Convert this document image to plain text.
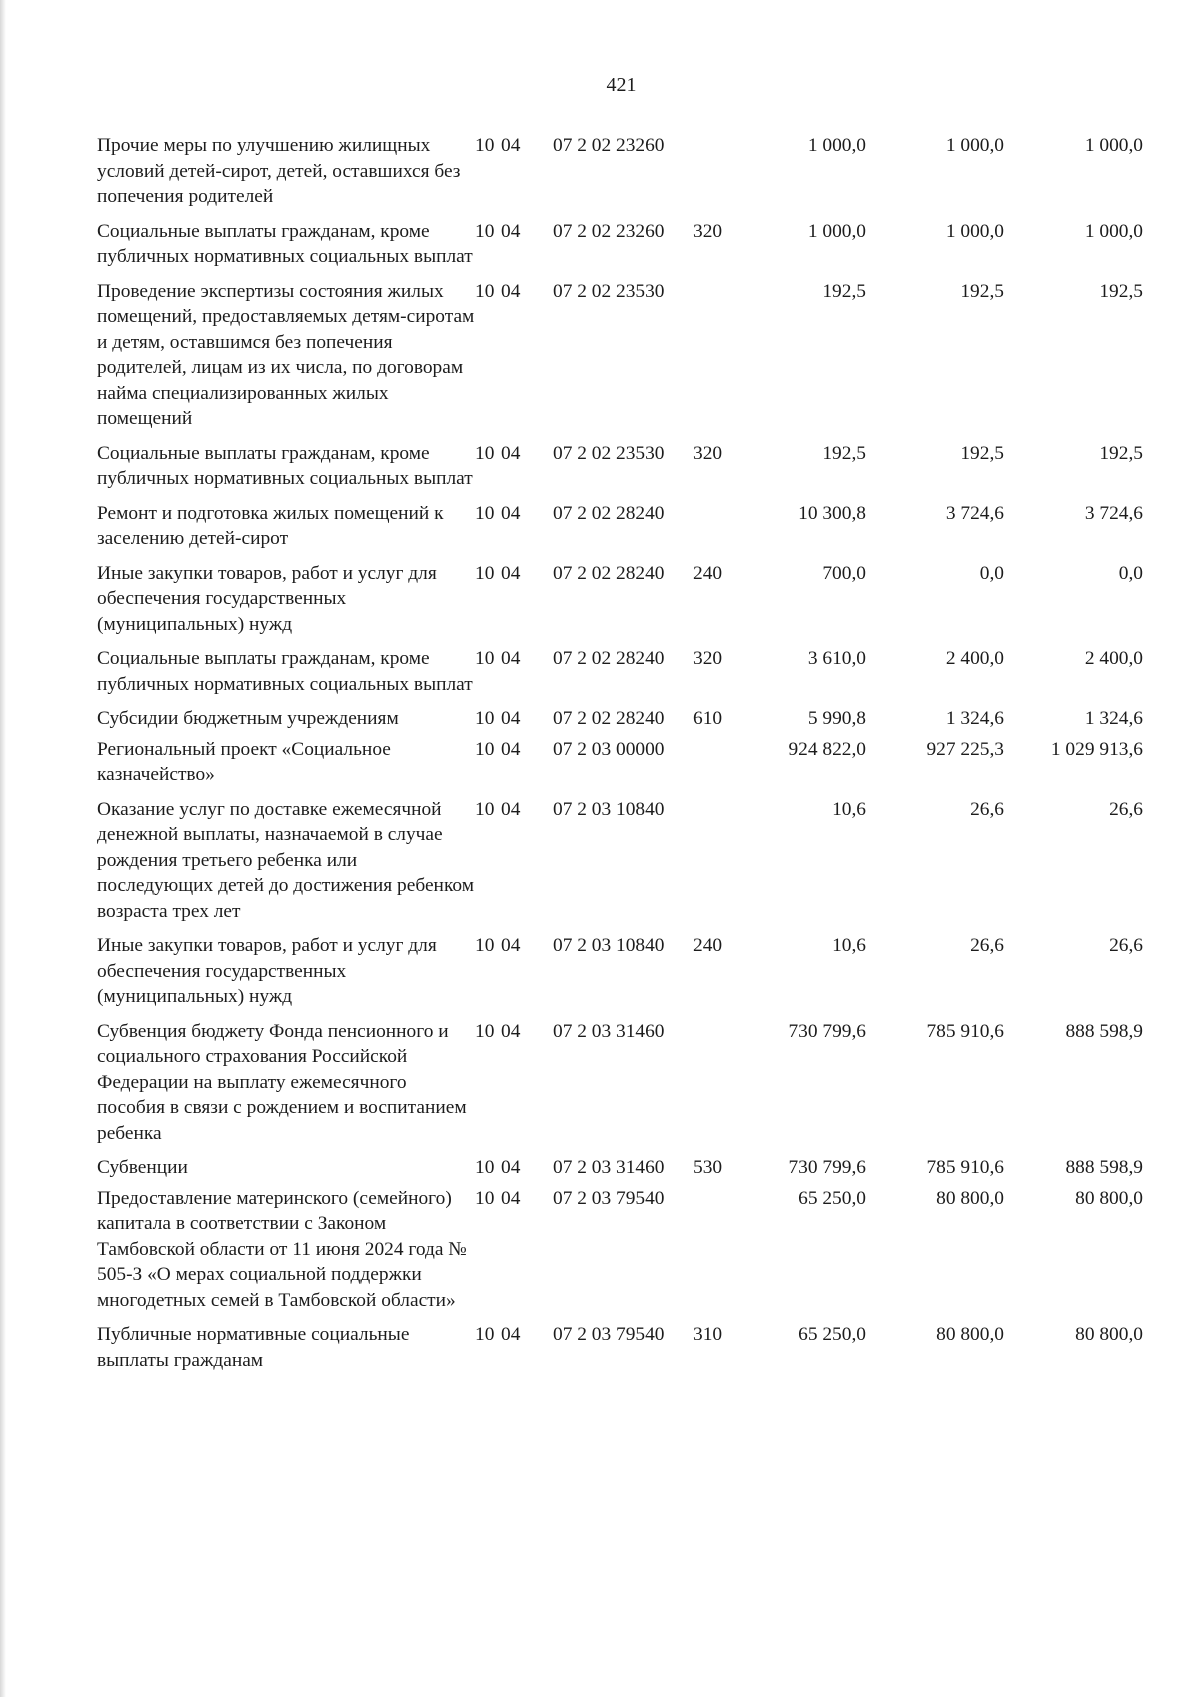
421
Прочие меры по улучшению жилищных условий детей-сирот, детей, оставшихся без попечения родителей	10	04	07 2 02 23260		1 000,0	1 000,0	1 000,0
Социальные выплаты гражданам, кроме публичных нормативных социальных выплат	10	04	07 2 02 23260	320	1 000,0	1 000,0	1 000,0
Проведение экспертизы состояния жилых помещений, предоставляемых детям-сиротам и детям, оставшимся без попечения родителей, лицам из их числа, по договорам найма специализированных жилых помещений	10	04	07 2 02 23530		192,5	192,5	192,5
Социальные выплаты гражданам, кроме публичных нормативных социальных выплат	10	04	07 2 02 23530	320	192,5	192,5	192,5
Ремонт и подготовка жилых помещений к заселению детей-сирот	10	04	07 2 02 28240		10 300,8	3 724,6	3 724,6
Иные закупки товаров, работ и услуг для обеспечения государственных (муниципальных) нужд	10	04	07 2 02 28240	240	700,0	0,0	0,0
Социальные выплаты гражданам, кроме публичных нормативных социальных выплат	10	04	07 2 02 28240	320	3 610,0	2 400,0	2 400,0
Субсидии бюджетным учреждениям	10	04	07 2 02 28240	610	5 990,8	1 324,6	1 324,6
Региональный проект «Социальное казначейство»	10	04	07 2 03 00000		924 822,0	927 225,3	1 029 913,6
Оказание услуг по доставке ежемесячной денежной выплаты, назначаемой в случае рождения третьего ребенка или последующих детей до достижения ребенком возраста трех лет	10	04	07 2 03 10840		10,6	26,6	26,6
Иные закупки товаров, работ и услуг для обеспечения государственных (муниципальных) нужд	10	04	07 2 03 10840	240	10,6	26,6	26,6
Субвенция бюджету Фонда пенсионного и социального страхования Российской Федерации на выплату ежемесячного пособия в связи с рождением и воспитанием ребенка	10	04	07 2 03 31460		730 799,6	785 910,6	888 598,9
Субвенции	10	04	07 2 03 31460	530	730 799,6	785 910,6	888 598,9
Предоставление материнского (семейного) капитала в соответствии с Законом Тамбовской области от 11 июня 2024 года № 505-З «О мерах социальной поддержки многодетных семей в Тамбовской области»	10	04	07 2 03 79540		65 250,0	80 800,0	80 800,0
Публичные нормативные социальные выплаты гражданам	10	04	07 2 03 79540	310	65 250,0	80 800,0	80 800,0
